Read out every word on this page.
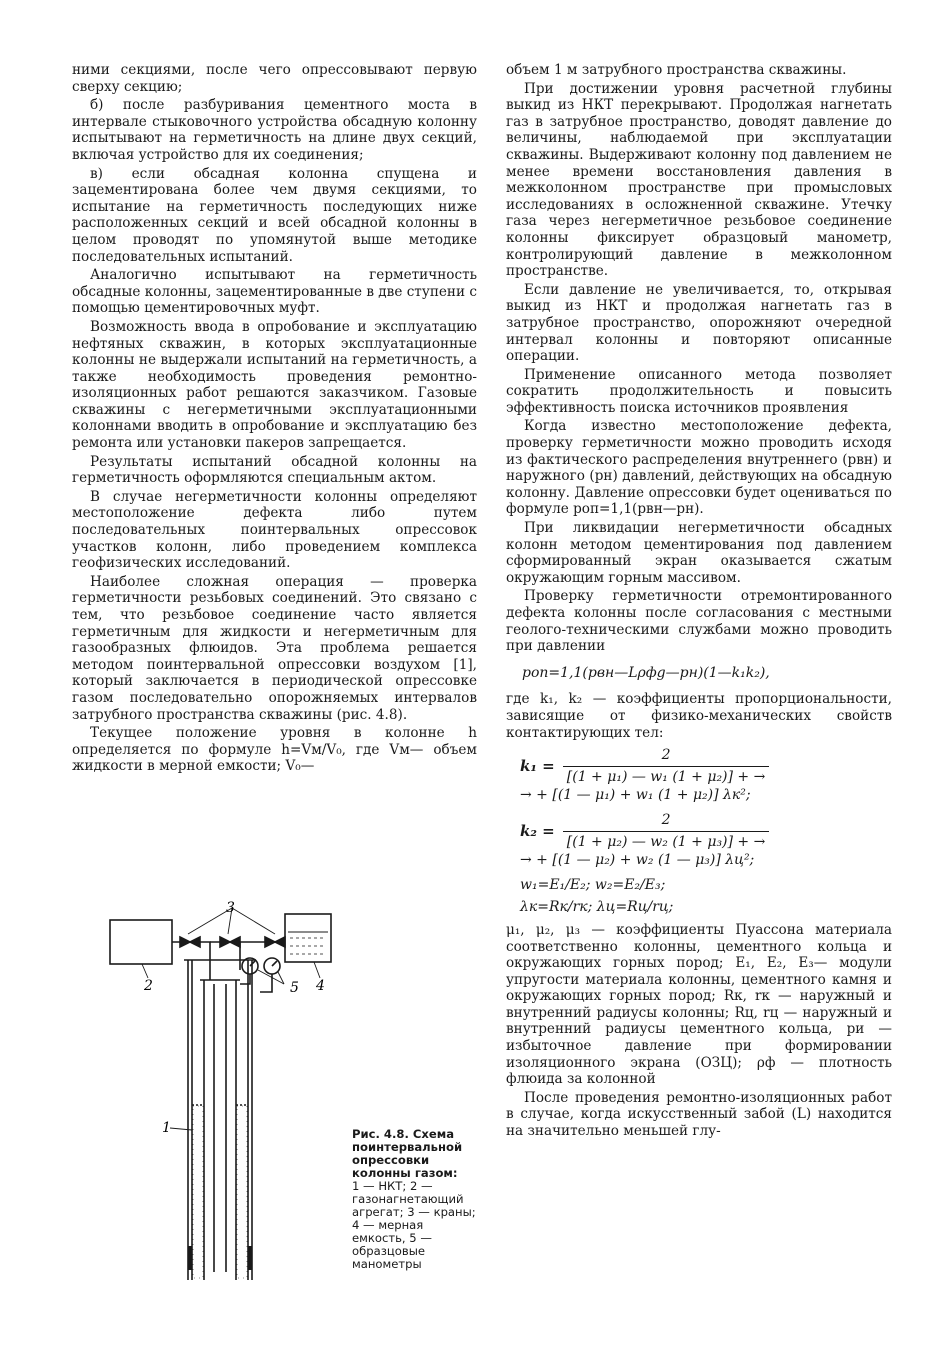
ними секциями, после чего опрессовывают первую сверху секцию;

б) после разбуривания цементного моста в интервале стыковочного устройства обсадную колонну испытывают на герметичность на длине двух секций, включая устройство для их соединения;

в) если обсадная колонна спущена и зацементирована более чем двумя секциями, то испытание на герметичность последующих ниже расположенных секций и всей обсадной колонны в целом проводят по упомянутой выше методике последовательных испытаний.

Аналогично испытывают на герметичность обсадные колонны, зацементированные в две ступени с помощью цементировочных муфт.

Возможность ввода в опробование и эксплуатацию нефтяных скважин, в которых эксплуатационные колонны не выдержали испытаний на герметичность, а также необходимость проведения ремонтно-изоляционных работ решаются заказчиком. Газовые скважины с негерметичными эксплуатационными колоннами вводить в опробование и эксплуатацию без ремонта или установки пакеров запрещается.

Результаты испытаний обсадной колонны на герметичность оформляются специальным актом.

В случае негерметичности колонны определяют местоположение дефекта либо путем последовательных поинтервальных опрессовок участков колонн, либо проведением комплекса геофизических исследований.

Наиболее сложная операция — проверка герметичности резьбовых соединений. Это связано с тем, что резьбовое соединение часто является герметичным для жидкости и негерметичным для газообразных флюидов. Эта проблема решается методом поинтервальной опрессовки воздухом [1], который заключается в периодической опрессовке газом последовательно опорожняемых интервалов затрубного пространства скважины (рис. 4.8).

Текущее положение уровня в колонне h определяется по формуле h=Vм/V₀, где Vм— объем жидкости в мерной емкости; V₀—

объем 1 м затрубного пространства скважины.

При достижении уровня расчетной глубины выкид из НКТ перекрывают. Продолжая нагнетать газ в затрубное пространство, доводят давление до величины, наблюдаемой при эксплуатации скважины. Выдерживают колонну под давлением не менее времени восстановления давления в межколонном пространстве при промысловых исследованиях в осложненной скважине. Утечку газа через негерметичное резьбовое соединение колонны фиксирует образцовый манометр, контролирующий давление в межколонном пространстве.

Если давление не увеличивается, то, открывая выкид из НКТ и продолжая нагнетать газ в затрубное пространство, опорожняют очередной интервал колонны и повторяют описанные операции.

Применение описанного метода позволяет сократить продолжительность и повысить эффективность поиска источников проявления

Когда известно местоположение дефекта, проверку герметичности можно проводить исходя из фактического распределения внутреннего (pвн) и наружного (pн) давлений, действующих на обсадную колонну. Давление опрессовки будет оцениваться по формуле pоп=1,1(pвн—pн).

При ликвидации негерметичности обсадных колонн методом цементирования под давлением сформированный экран оказывается сжатым окружающим горным массивом.

Проверку герметичности отремонтированного дефекта колонны после согласования с местными геолого-техническими службами можно проводить при давлении

pоп=1,1(pвн—Lρфg—pн)(1—k₁k₂),

где k₁, k₂ — коэффициенты пропорциональности, зависящие от физико-механических свойств контактирующих тел:

$k_1 = \frac{2}{\text{[(1 + μ₁) — w₁ (1 + μ₂)] + →}}$
→ + [(1 — μ₁) + w₁ (1 + μ₂)] λк²;
$k_2 = \frac{2}{\text{[(1 + μ₂) — w₂ (1 + μ₃)] + →}}$
→ + [(1 — μ₂) + w₂ (1 — μ₃)] λц²;
w₁=E₁/E₂; w₂=E₂/E₃;
λк=Rк/rк; λц=Rц/rц;

μ₁, μ₂, μ₃ — коэффициенты Пуассона материала соответственно колонны, цементного кольца и окружающих горных пород; E₁, E₂, E₃— модули упругости материала колонны, цементного камня и окружающих горных пород; Rк, rк — наружный и внутренний радиусы колонны; Rц, rц — наружный и внутренний радиусы цементного кольца, pи — избыточное давление при формировании изоляционного экрана (ОЗЦ); ρф — плотность флюида за колонной

После проведения ремонтно-изоляционных работ в случае, когда искусственный забой (L) находится на значительно меньшей глу-

3
2	4
5
1	Рис. 4.8. Схема поинтервальной опрессовки колонны газом:
1 — НКТ; 2 — газонагнетающий агрегат; 3 — краны; 4 — мерная емкость, 5 — образцовые манометры
